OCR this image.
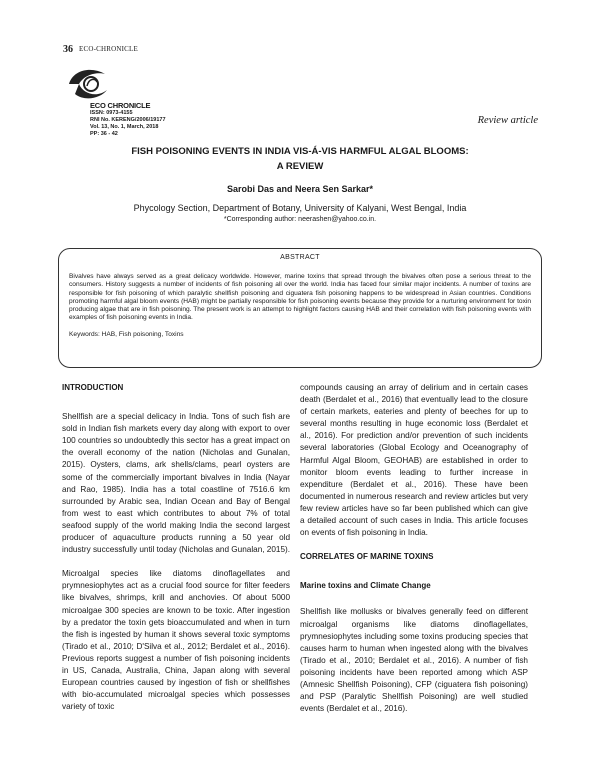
36 ECO-CHRONICLE
ECO CHRONICLE
ISSN: 0973-4155
RNI No. KERENG/2006/19177
Vol. 13, No. 1, March, 2018
PP: 36 - 42
Review article
FISH POISONING EVENTS IN INDIA VIS-Á-VIS HARMFUL ALGAL BLOOMS:
A REVIEW
Sarobi Das and Neera Sen Sarkar*
Phycology Section, Department of Botany, University of Kalyani, West Bengal, India
*Corresponding author: neerashen@yahoo.co.in.
ABSTRACT
Bivalves have always served as a great delicacy worldwide. However, marine toxins that spread through the bivalves often pose a serious threat to the consumers. History suggests a number of incidents of fish poisoning all over the world. India has faced four similar major incidents. A number of toxins are responsible for fish poisoning of which paralytic shellfish poisoning and ciguatera fish poisoning happens to be widespread in Asian countries. Conditions promoting harmful algal bloom events (HAB) might be partially responsible for fish poisoning events because they provide for a nurturing environment for toxin producing algae that are in fish poisoning. The present work is an attempt to highlight factors causing HAB and their correlation with fish poisoning events with examples of fish poisoning events in India.
Keywords: HAB, Fish poisoning, Toxins
INTRODUCTION

Shellfish are a special delicacy in India. Tons of such fish are sold in Indian fish markets every day along with export to over 100 countries so undoubtedly this sector has a great impact on the overall economy of the nation (Nicholas and Gunalan, 2015). Oysters, clams, ark shells/clams, pearl oysters are some of the commercially important bivalves in India (Nayar and Rao, 1985). India has a total coastline of 7516.6 km surrounded by Arabic sea, Indian Ocean and Bay of Bengal from west to east which contributes to about 7% of total seafood supply of the world making India the second largest producer of aquaculture products running a 50 year old industry successfully until today (Nicholas and Gunalan, 2015).

Microalgal species like diatoms dinoflagellates and prymnesiophytes act as a crucial food source for filter feeders like bivalves, shrimps, krill and anchovies. Of about 5000 microalgae 300 species are known to be toxic. After ingestion by a predator the toxin gets bioaccumulated and when in turn the fish is ingested by human it shows several toxic symptoms (Tirado et al., 2010; D'Silva et al., 2012; Berdalet et al., 2016). Previous reports suggest a number of fish poisoning incidents in US, Canada, Australia, China, Japan along with several European countries caused by ingestion of fish or shellfishes with bio-accumulated microalgal species which possesses variety of toxic

compounds causing an array of delirium and in certain cases death (Berdalet et al., 2016) that eventually lead to the closure of certain markets, eateries and plenty of beeches for up to several months resulting in huge economic loss (Berdalet et al., 2016). For prediction and/or prevention of such incidents several laboratories (Global Ecology and Oceanography of Harmful Algal Bloom, GEOHAB) are established in order to monitor bloom events leading to further increase in expenditure (Berdalet et al., 2016). These have been documented in numerous research and review articles but very few review articles have so far been published which can give a detailed account of such cases in India. This article focuses on events of fish poisoning in India.

CORRELATES OF MARINE TOXINS
Marine toxins and Climate Change

Shellfish like mollusks or bivalves generally feed on different microalgal organisms like diatoms dinoflagellates, prymnesiophytes including some toxins producing species that causes harm to human when ingested along with the bivalves (Tirado et al., 2010; Berdalet et al., 2016). A number of fish poisoning incidents have been reported among which ASP (Amnesic Shellfish Poisoning), CFP (ciguatera fish poisoning) and PSP (Paralytic Shellfish Poisoning) are well studied events (Berdalet et al., 2016).
